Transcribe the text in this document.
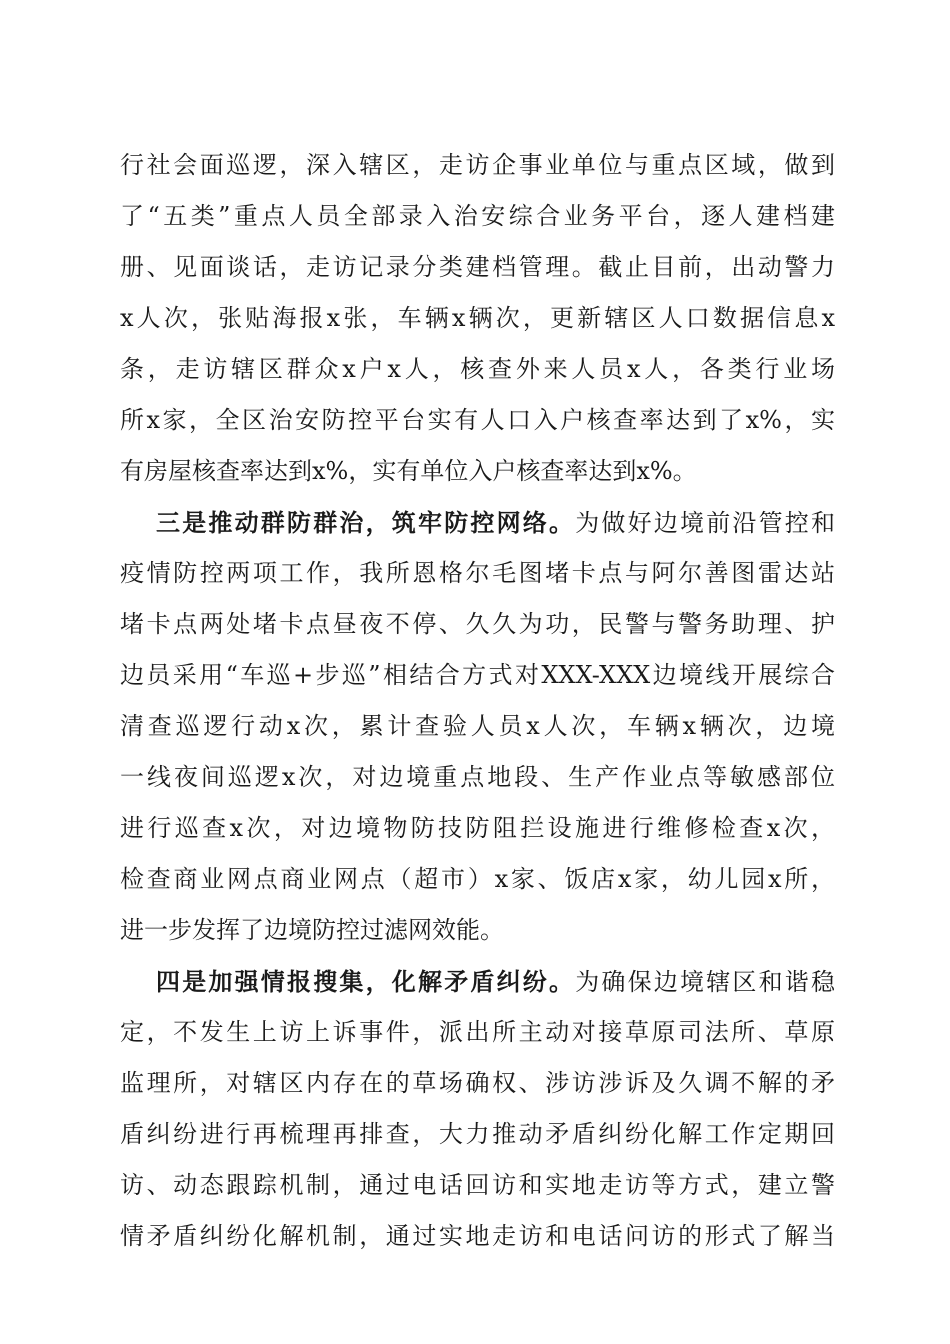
行社会面巡逻，深入辖区，走访企事业单位与重点区域，做到
了“五类”重点人员全部录入治安综合业务平台，逐人建档建
册、见面谈话，走访记录分类建档管理。截止目前，出动警力
x人次，张贴海报x张，车辆x辆次，更新辖区人口数据信息x
条，走访辖区群众x户x人，核查外来人员x人，各类行业场
所x家，全区治安防控平台实有人口入户核查率达到了x%，实
有房屋核查率达到x%，实有单位入户核查率达到x%。
三是推动群防群治，筑牢防控网络。为做好边境前沿管控和
疫情防控两项工作，我所恩格尔毛图堵卡点与阿尔善图雷达站
堵卡点两处堵卡点昼夜不停、久久为功，民警与警务助理、护
边员采用“车巡+步巡”相结合方式对XXX-XXX边境线开展综合
清查巡逻行动x次，累计查验人员x人次，车辆x辆次，边境
一线夜间巡逻x次，对边境重点地段、生产作业点等敏感部位
进行巡查x次，对边境物防技防阻拦设施进行维修检查x次，
检查商业网点商业网点（超市）x家、饭店x家，幼儿园x所，
进一步发挥了边境防控过滤网效能。
四是加强情报搜集，化解矛盾纠纷。为确保边境辖区和谐稳
定，不发生上访上诉事件，派出所主动对接草原司法所、草原
监理所，对辖区内存在的草场确权、涉访涉诉及久调不解的矛
盾纠纷进行再梳理再排查，大力推动矛盾纠纷化解工作定期回
访、动态跟踪机制，通过电话回访和实地走访等方式，建立警
情矛盾纠纷化解机制，通过实地走访和电话问访的形式了解当
